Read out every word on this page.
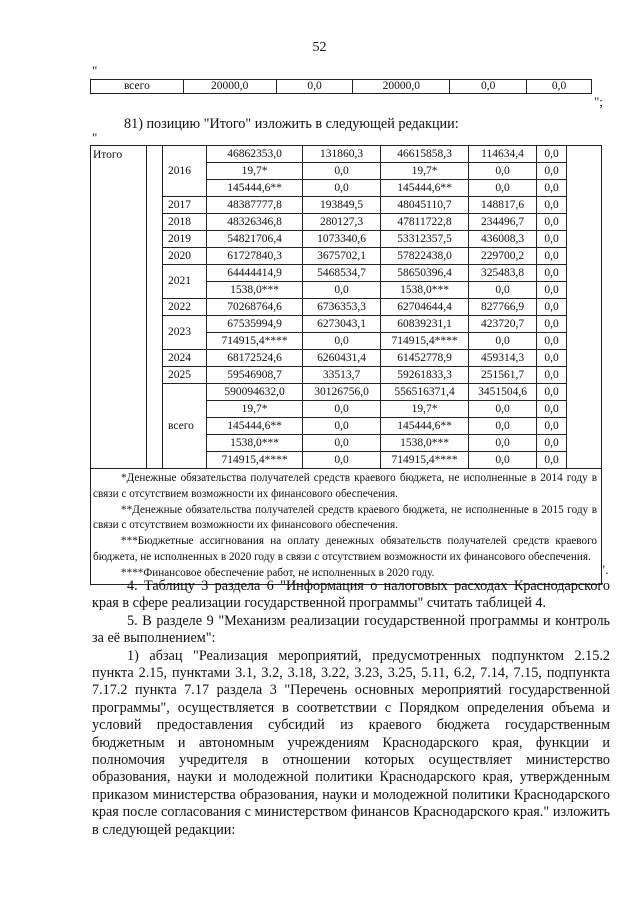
52
"
всего	20000,0	0,0	20000,0	0,0	0,0
";
81) позицию "Итого" изложить в следующей редакции:
"
Итого		2016	46862353,0	131860,3	46615858,3	114634,4	0,0	
			19,7*	0,0	19,7*	0,0	0,0	
			145444,6**	0,0	145444,6**	0,0	0,0	
		2017	48387777,8	193849,5	48045110,7	148817,6	0,0	
		2018	48326346,8	280127,3	47811722,8	234496,7	0,0	
		2019	54821706,4	1073340,6	53312357,5	436008,3	0,0	
		2020	61727840,3	3675702,1	57822438,0	229700,2	0,0	
		2021	64444414,9	5468534,7	58650396,4	325483,8	0,0	
			1538,0***	0,0	1538,0***	0,0	0,0	
		2022	70268764,6	6736353,3	62704644,4	827766,9	0,0	
		2023	67535994,9	6273043,1	60839231,1	423720,7	0,0	
			714915,4****	0,0	714915,4****	0,0	0,0	
		2024	68172524,6	6260431,4	61452778,9	459314,3	0,0	
		2025	59546908,7	33513,7	59261833,3	251561,7	0,0	
		всего	590094632,0	30126756,0	556516371,4	3451504,6	0,0	
			19,7*	0,0	19,7*	0,0	0,0	
			145444,6**	0,0	145444,6**	0,0	0,0	
			1538,0***	0,0	1538,0***	0,0	0,0	
			714915,4****	0,0	714915,4****	0,0	0,0	

*Денежные обязательства получателей средств краевого бюджета, не исполненные в 2014 году в связи с отсутствием возможности их финансового обеспечения.
**Денежные обязательства получателей средств краевого бюджета, не исполненные в 2015 году в связи с отсутствием возможности их финансового обеспечения.
***Бюджетные ассигнования на оплату денежных обязательств получателей средств краевого бюджета, не исполненных в 2020 году в связи с отсутствием возможности их финансового обеспечения.
****Финансовое обеспечение работ, не исполненных в 2020 году.									".

4. Таблицу 3 раздела 6 "Информация о налоговых расходах Краснодарского края в сфере реализации государственной программы" считать таблицей 4.

5. В разделе 9 "Механизм реализации государственной программы и контроль за её выполнением":

1) абзац "Реализация мероприятий, предусмотренных подпунктом 2.15.2 пункта 2.15, пунктами 3.1, 3.2, 3.18, 3.22, 3.23, 3.25, 5.11, 6.2, 7.14, 7.15, подпункта 7.17.2 пункта 7.17 раздела 3 "Перечень основных мероприятий государственной программы", осуществляется в соответствии с Порядком определения объема и условий предоставления субсидий из краевого бюджета государственным бюджетным и автономным учреждениям Краснодарского края, функции и полномочия учредителя в отношении которых осуществляет министерство образования, науки и молодежной политики Краснодарского края, утвержденным приказом министерства образования, науки и молодежной политики Краснодарского края после согласования с министерством финансов Краснодарского края." изложить в следующей редакции:
